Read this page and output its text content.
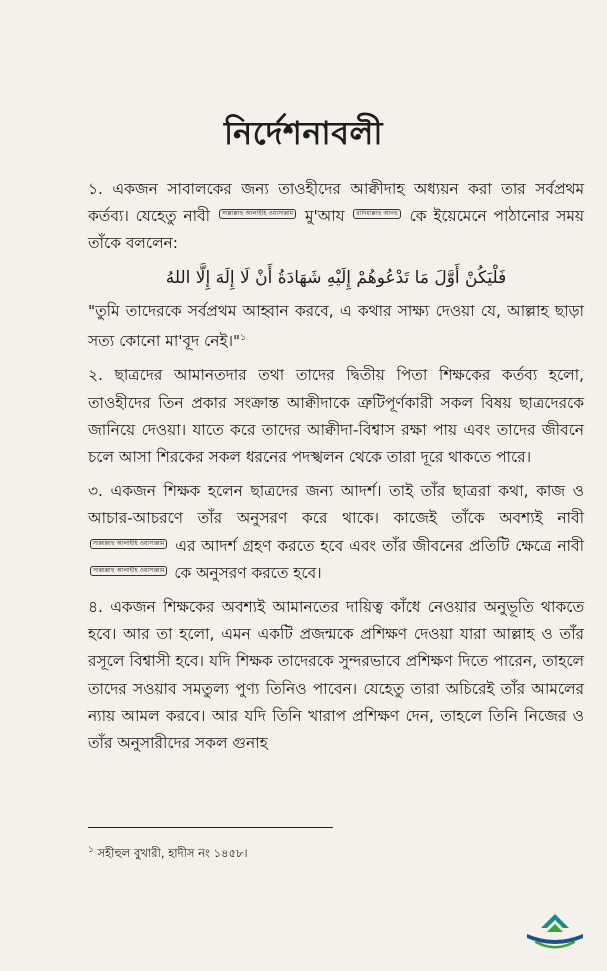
নির্দেশনাবলী

১. একজন সাবালকের জন্য তাওহীদের আক্বীদাহ অধ্যয়ন করা তার সর্বপ্রথম কর্তব্য। যেহেতু নাবী সাল্লাল্লাহু আলাইহি ওয়াসাল্লাম মু'আয রাদিয়াল্লাহু আনহু কে ইয়েমেনে পাঠানোর সময় তাঁকে বললেন:

فَلْيَكُنْ أَوَّلَ مَا تَدْعُوهُمْ إِلَيْهِ شَهَادَةُ أَنْ لَا إِلَهَ إِلَّا اللهُ

"তুমি তাদেরকে সর্বপ্রথম আহ্বান করবে, এ কথার সাক্ষ্য দেওয়া যে, আল্লাহ ছাড়া সত্য কোনো মা'বূদ নেই।"$^১$

২. ছাত্রদের আমানতদার তথা তাদের দ্বিতীয় পিতা শিক্ষকের কর্তব্য হলো, তাওহীদের তিন প্রকার সংক্রান্ত আক্বীদাকে ত্রুটিপূর্ণকারী সকল বিষয় ছাত্রদেরকে জানিয়ে দেওয়া। যাতে করে তাদের আক্বীদা-বিশ্বাস রক্ষা পায় এবং তাদের জীবনে চলে আসা শিরকের সকল ধরনের পদস্খলন থেকে তারা দূরে থাকতে পারে।

৩. একজন শিক্ষক হলেন ছাত্রদের জন্য আদর্শ। তাই তাঁর ছাত্ররা কথা, কাজ ও আচার-আচরণে তাঁর অনুসরণ করে থাকে। কাজেই তাঁকে অবশ্যই নাবী সাল্লাল্লাহু আলাইহি ওয়াসাল্লাম এর আদর্শ গ্রহণ করতে হবে এবং তাঁর জীবনের প্রতিটি ক্ষেত্রে নাবী সাল্লাল্লাহু আলাইহি ওয়াসাল্লাম কে অনুসরণ করতে হবে।

৪. একজন শিক্ষকের অবশ্যই আমানতের দায়িত্ব কাঁধে নেওয়ার অনুভূতি থাকতে হবে। আর তা হলো, এমন একটি প্রজন্মকে প্রশিক্ষণ দেওয়া যারা আল্লাহ ও তাঁর রসূলে বিশ্বাসী হবে। যদি শিক্ষক তাদেরকে সুন্দরভাবে প্রশিক্ষণ দিতে পারেন, তাহলে তাদের সওয়াব সমতুল্য পুণ্য তিনিও পাবেন। যেহেতু তারা অচিরেই তাঁর আমলের ন্যায় আমল করবে। আর যদি তিনি খারাপ প্রশিক্ষণ দেন, তাহলে তিনি নিজের ও তাঁর অনুসারীদের সকল গুনাহ

$^১$ সহীহুল বুখারী, হাদীস নং ১৪৫৮।
